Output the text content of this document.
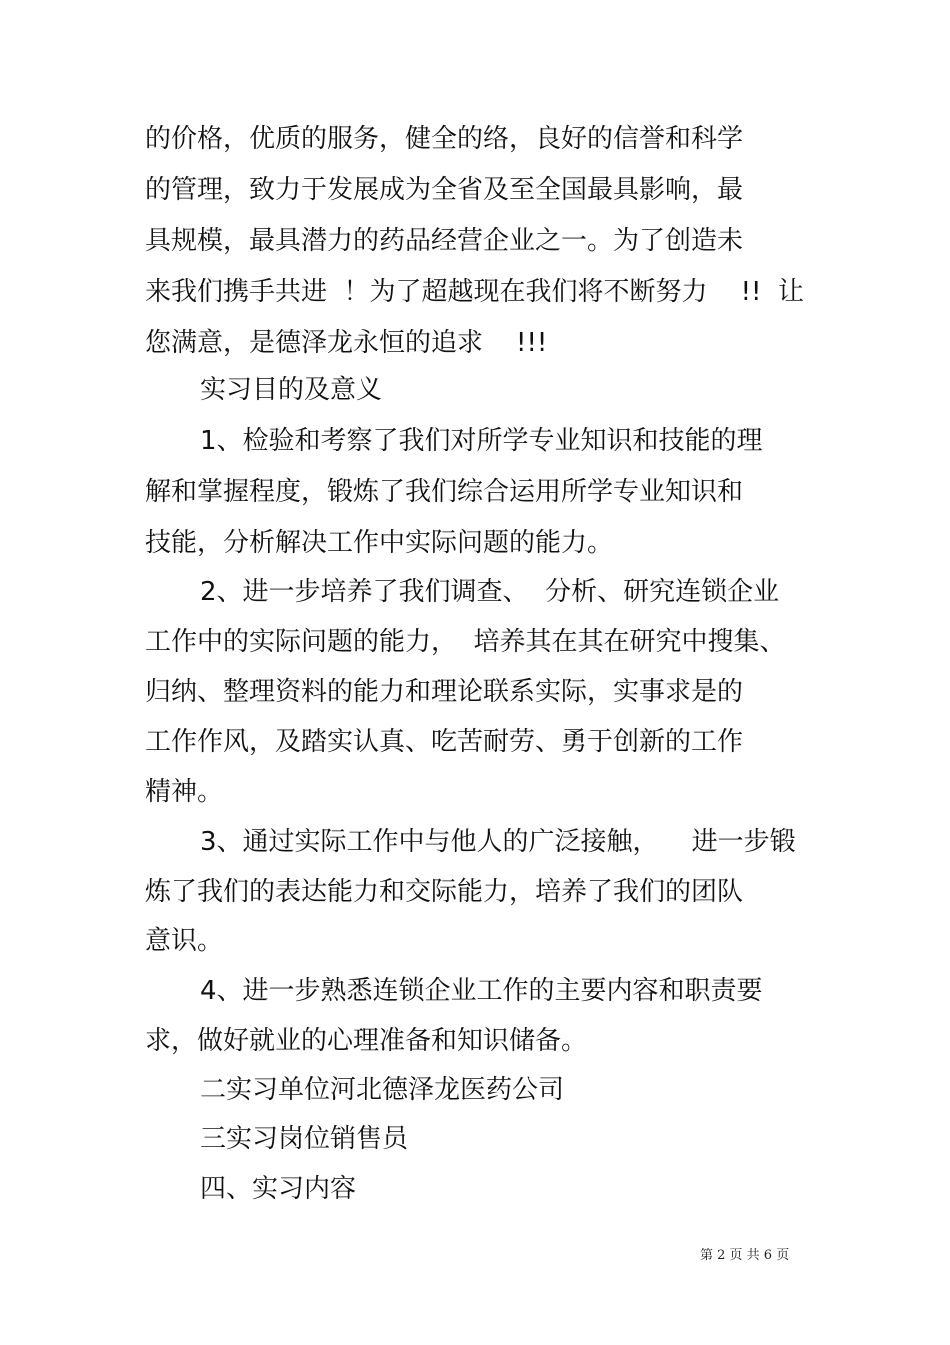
的价格，优质的服务，健全的络，良好的信誉和科学
的管理，致力于发展成为全省及至全国最具影响，最
具规模，最具潜力的药品经营企业之一。为了创造未
来我们携手共进  ！为了超越现在我们将不断努力    !!  让
您满意，是德泽龙永恒的追求    !!!
实习目的及意义
1、检验和考察了我们对所学专业知识和技能的理
解和掌握程度，锻炼了我们综合运用所学专业知识和
技能，分析解决工作中实际问题的能力。
2、进一步培养了我们调查、  分析、研究连锁企业
工作中的实际问题的能力，  培养其在其在研究中搜集、
归纳、整理资料的能力和理论联系实际，实事求是的
工作作风，及踏实认真、吃苦耐劳、勇于创新的工作
精神。
3、通过实际工作中与他人的广泛接触，    进一步锻
炼了我们的表达能力和交际能力，培养了我们的团队
意识。
4、进一步熟悉连锁企业工作的主要内容和职责要
求，做好就业的心理准备和知识储备。
二实习单位河北德泽龙医药公司
三实习岗位销售员
四、实习内容
第 2 页 共 6 页
